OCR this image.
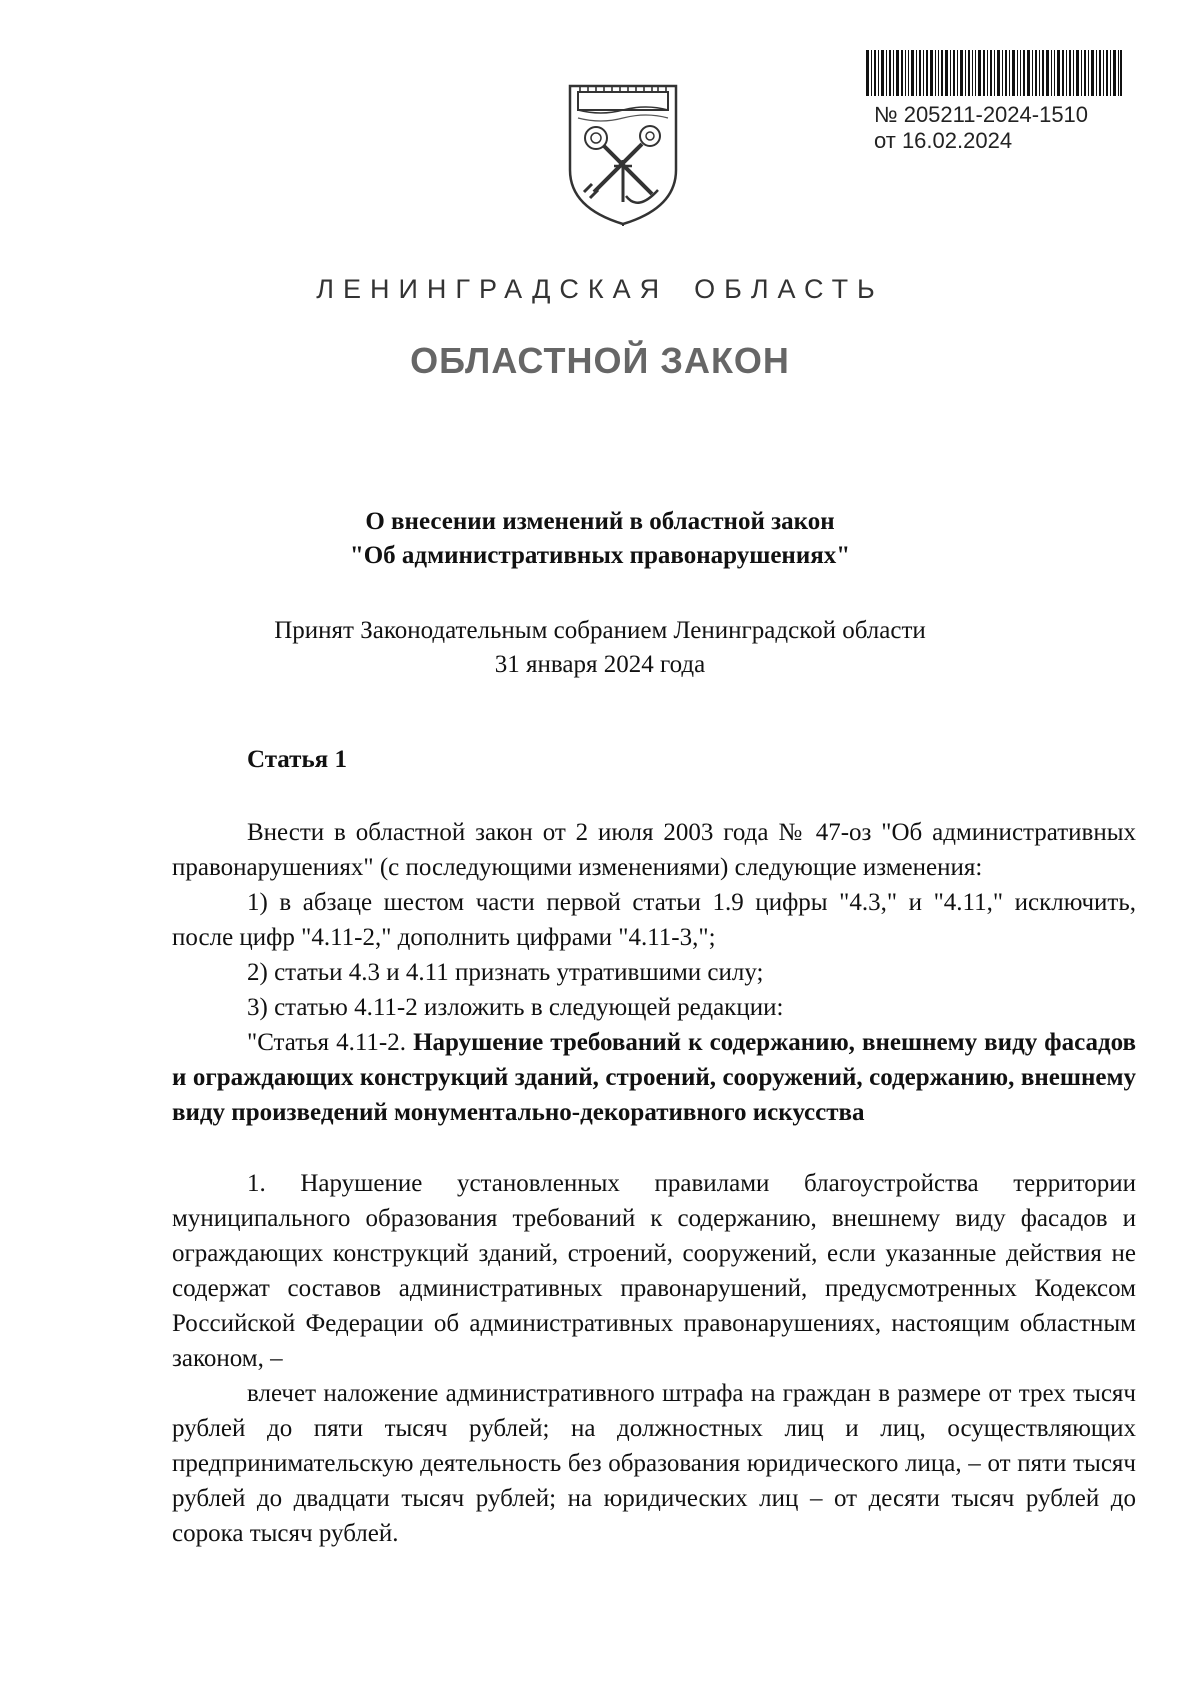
№ 205211-2024-1510
от 16.02.2024
ЛЕНИНГРАДСКАЯ ОБЛАСТЬ
ОБЛАСТНОЙ ЗАКОН
О внесении изменений в областной закон
"Об административных правонарушениях"
Принят Законодательным собранием Ленинградской области
31 января 2024 года
Статья 1

Внести в областной закон от 2 июля 2003 года № 47-оз "Об административных правонарушениях" (с последующими изменениями) следующие изменения:

1) в абзаце шестом части первой статьи 1.9 цифры "4.3," и "4.11," исключить, после цифр "4.11-2," дополнить цифрами "4.11-3,";

2) статьи 4.3 и 4.11 признать утратившими силу;

3) статью 4.11-2 изложить в следующей редакции:

"Статья 4.11-2. Нарушение требований к содержанию, внешнему виду фасадов и ограждающих конструкций зданий, строений, сооружений, содержанию, внешнему виду произведений монументально-декоративного искусства

1. Нарушение установленных правилами благоустройства территории муниципального образования требований к содержанию, внешнему виду фасадов и ограждающих конструкций зданий, строений, сооружений, если указанные действия не содержат составов административных правонарушений, предусмотренных Кодексом Российской Федерации об административных правонарушениях, настоящим областным законом, –

влечет наложение административного штрафа на граждан в размере от трех тысяч рублей до пяти тысяч рублей; на должностных лиц и лиц, осуществляющих предпринимательскую деятельность без образования юридического лица, – от пяти тысяч рублей до двадцати тысяч рублей; на юридических лиц – от десяти тысяч рублей до сорока тысяч рублей.
